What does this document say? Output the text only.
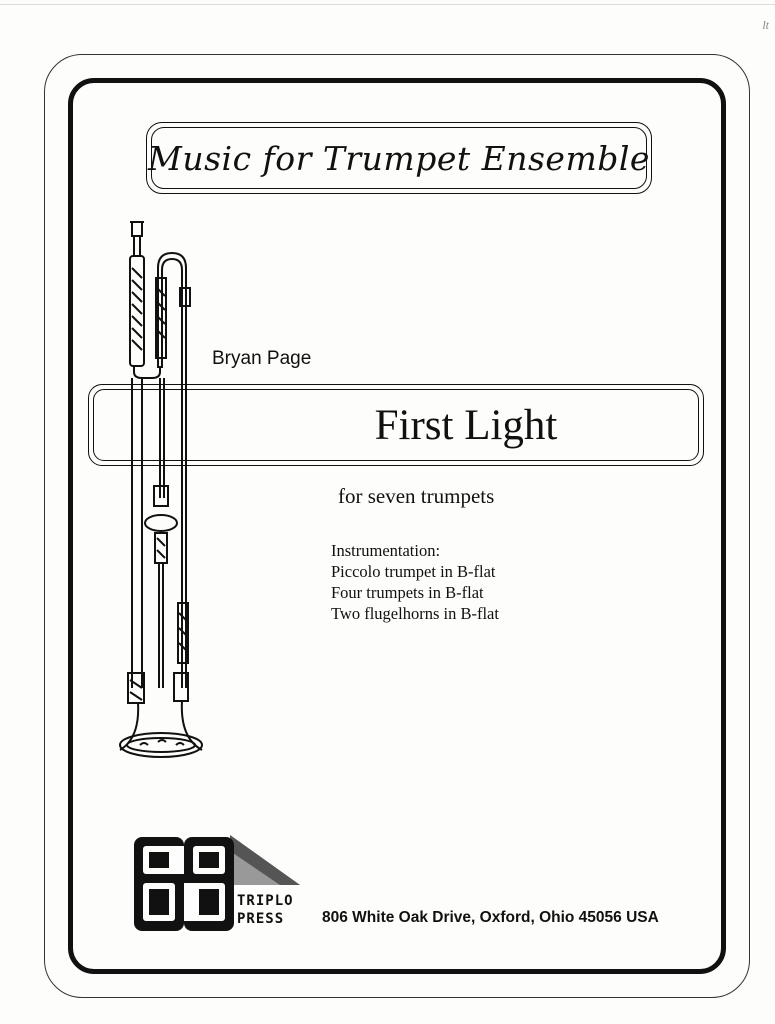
lt
Music for Trumpet Ensemble
Bryan Page
First Light
for seven trumpets
Instrumentation:
Piccolo trumpet in B-flat
Four trumpets in B-flat
Two flugelhorns in B-flat
TRIPLO
PRESS 806 White Oak Drive, Oxford, Ohio 45056 USA
